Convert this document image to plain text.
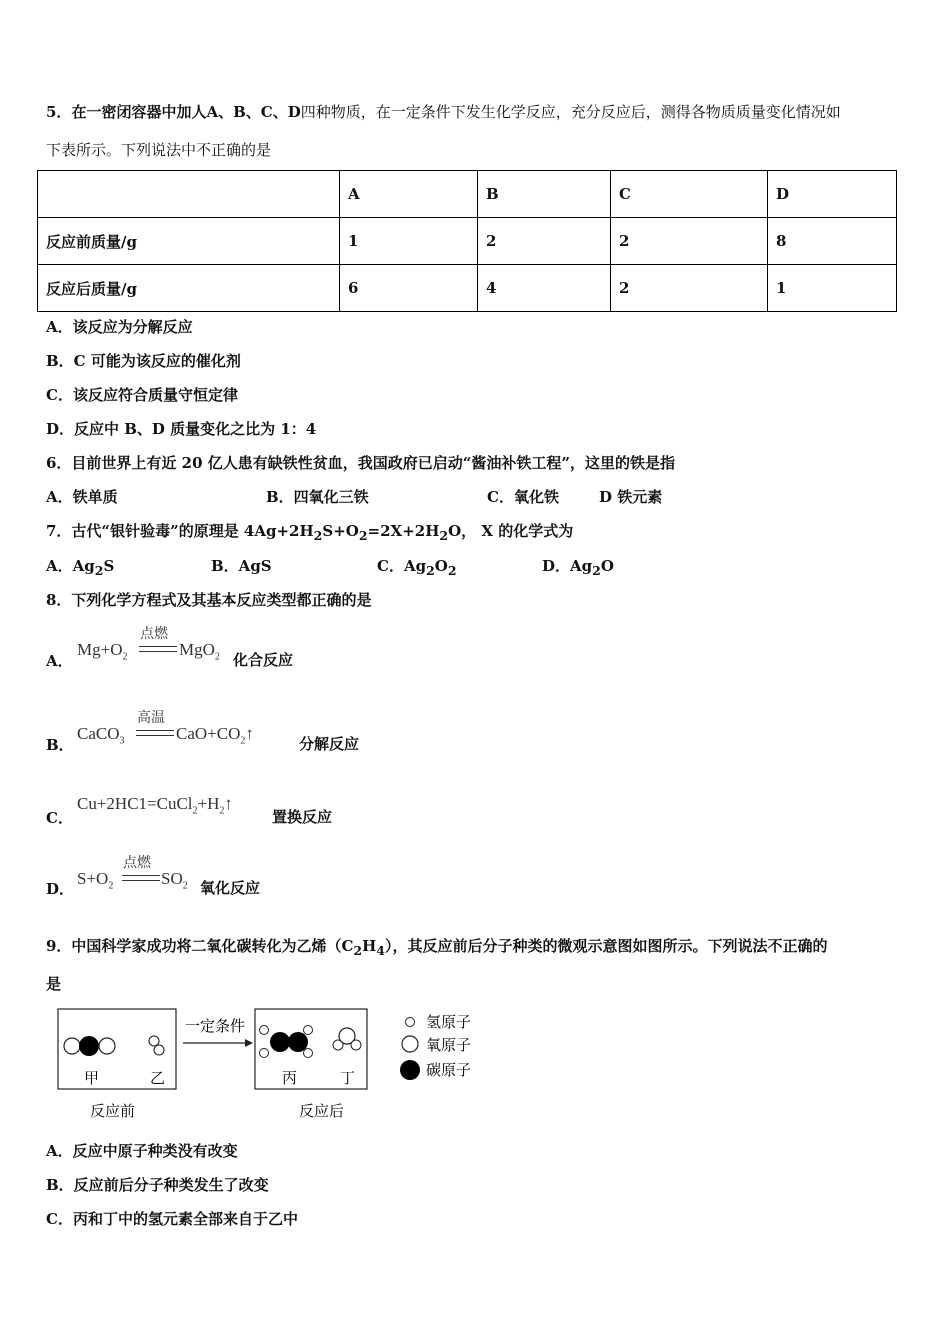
5．在一密闭容器中加人A、B、C、D四种物质，在一定条件下发生化学反应，充分反应后，测得各物质质量变化情况如
下表所示。下列说法中不正确的是
	A	B	C	D
反应前质量/g	1	2	2	8
反应后质量/g	6	4	2	1
A．该反应为分解反应
B．C 可能为该反应的催化剂
C．该反应符合质量守恒定律
D．反应中 B、D 质量变化之比为 1：4
6．目前世界上有近 20 亿人患有缺铁性贫血，我国政府已启动“酱油补铁工程”，这里的铁是指
A．铁单质	B．四氧化三铁	C．氧化铁	D 铁元素
7．古代“银针验毒”的原理是 $4Ag+2H_2S+O_2=2X+2H_2O$， X 的化学式为
A．$Ag_2S$	B．AgS	C．$Ag_2O_2$	D．$Ag_2O$
8．下列化学方程式及其基本反应类型都正确的是
A．
$Mg+O_2$
点燃
MgO$_2$ 化合反应
B．
CaCO$_3$
高温
$CaO+CO_2↑$
分解反应
C．
$Cu+2HC1=CuCl_2+H_2↑$
置换反应
D．
$S+O_2$
点燃
$SO_2$ 氧化反应
9．中国科学家成功将二氧化碳转化为乙烯$(C_2H_4)$，其反应前后分子种类的微观示意图如图所示。下列说法不正确的
是
甲	乙
一定条件
丙	丁
反应前	反应后
氢原子
氧原子
碳原子
A．反应中原子种类没有改变
B．反应前后分子种类发生了改变
C．丙和丁中的氢元素全部来自于乙中
